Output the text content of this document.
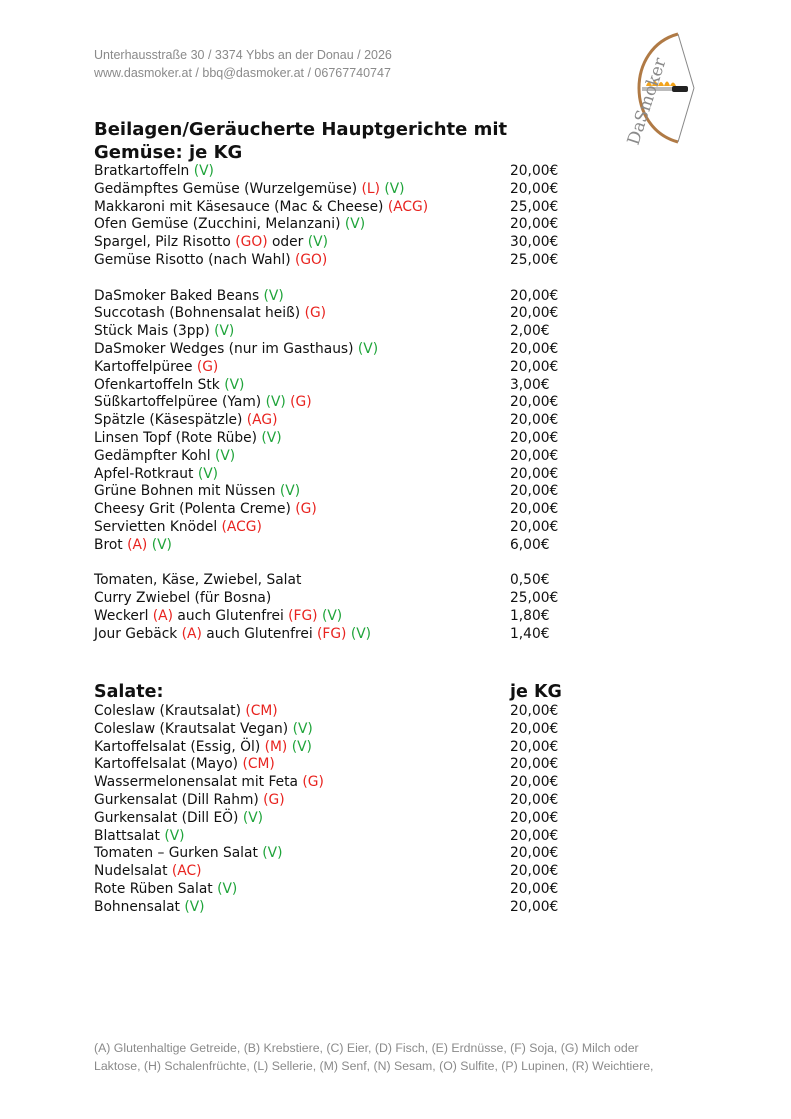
Unterhausstraße 30 / 3374 Ybbs an der Donau / 2026
www.dasmoker.at / bbq@dasmoker.at / 06767740747	DaSmoker
Beilagen/Geräucherte Hauptgerichte mit Gemüse: je KG
Bratkartoffeln (V)	20,00€
Gedämpftes Gemüse (Wurzelgemüse) (L) (V)	20,00€
Makkaroni mit Käsesauce (Mac & Cheese) (ACG)	25,00€
Ofen Gemüse (Zucchini, Melanzani) (V)	20,00€
Spargel, Pilz Risotto (GO) oder (V)	30,00€
Gemüse Risotto (nach Wahl) (GO)	25,00€
DaSmoker Baked Beans (V)	20,00€
Succotash (Bohnensalat heiß) (G)	20,00€
Stück Mais (3pp) (V)	2,00€
DaSmoker Wedges (nur im Gasthaus) (V)	20,00€
Kartoffelpüree (G)	20,00€
Ofenkartoffeln Stk (V)	3,00€
Süßkartoffelpüree (Yam) (V) (G)	20,00€
Spätzle (Käsespätzle) (AG)	20,00€
Linsen Topf (Rote Rübe) (V)	20,00€
Gedämpfter Kohl (V)	20,00€
Apfel-Rotkraut (V)	20,00€
Grüne Bohnen mit Nüssen (V)	20,00€
Cheesy Grit (Polenta Creme) (G)	20,00€
Servietten Knödel (ACG)	20,00€
Brot (A) (V)	6,00€
Tomaten, Käse, Zwiebel, Salat	0,50€
Curry Zwiebel (für Bosna)	25,00€
Weckerl (A) auch Glutenfrei (FG) (V)	1,80€
Jour Gebäck (A) auch Glutenfrei (FG) (V)	1,40€
Salate:	je KG
Coleslaw (Krautsalat) (CM)	20,00€
Coleslaw (Krautsalat Vegan) (V)	20,00€
Kartoffelsalat (Essig, Öl) (M) (V)	20,00€
Kartoffelsalat (Mayo) (CM)	20,00€
Wassermelonensalat mit Feta (G)	20,00€
Gurkensalat (Dill Rahm) (G)	20,00€
Gurkensalat (Dill EÖ) (V)	20,00€
Blattsalat (V)	20,00€
Tomaten – Gurken Salat (V)	20,00€
Nudelsalat (AC)	20,00€
Rote Rüben Salat (V)	20,00€
Bohnensalat (V)	20,00€
(A) Glutenhaltige Getreide, (B) Krebstiere, (C) Eier, (D) Fisch, (E) Erdnüsse, (F) Soja, (G) Milch oder
Laktose, (H) Schalenfrüchte, (L) Sellerie, (M) Senf, (N) Sesam, (O) Sulfite, (P) Lupinen, (R) Weichtiere,
